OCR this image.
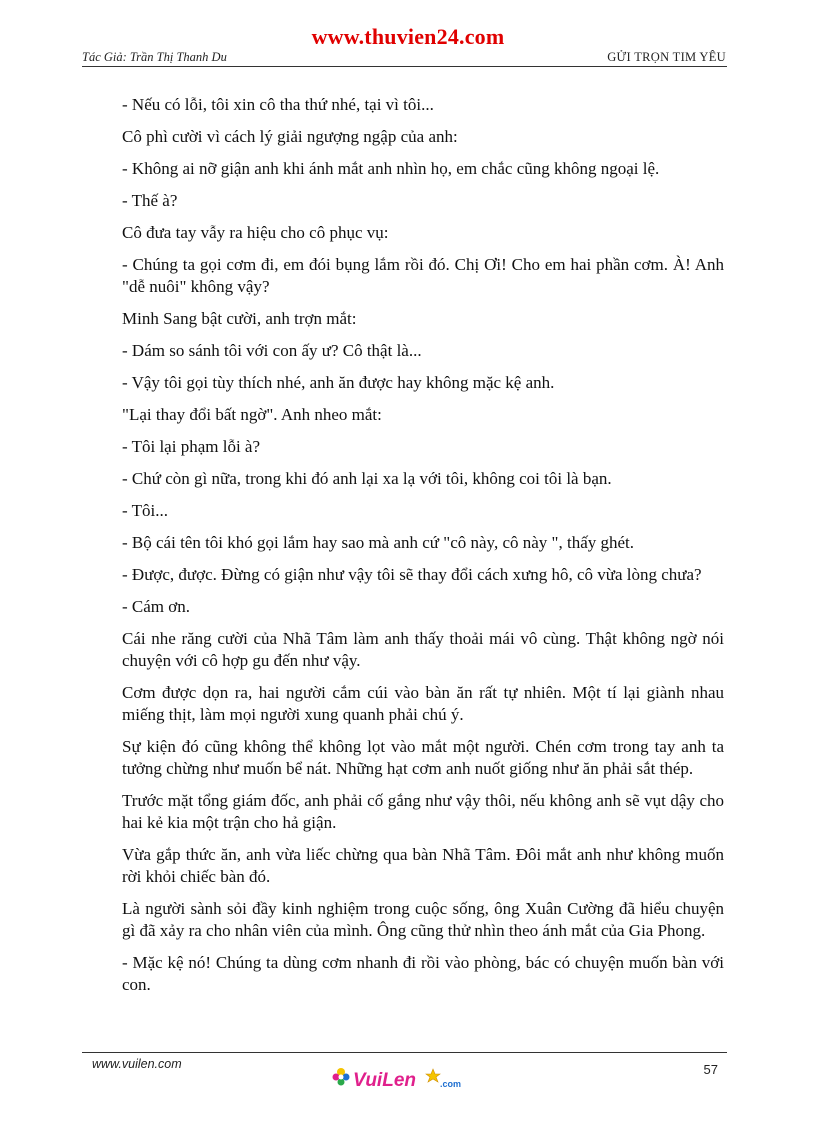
www.thuvien24.com
Tác Giả: Trần Thị Thanh Du	GỬI TRỌN TIM YÊU

- Nếu có lỗi, tôi xin cô tha thứ nhé, tại vì tôi...

Cô phì cười vì cách lý giải ngượng ngập của anh:

- Không ai nỡ giận anh khi ánh mắt anh nhìn họ, em chắc cũng không ngoại lệ.

- Thế à?

Cô đưa tay vẫy ra hiệu cho cô phục vụ:

- Chúng ta gọi cơm đi, em đói bụng lắm rồi đó. Chị Ơi! Cho em hai phần cơm. À! Anh "dễ nuôi" không vậy?

Minh Sang bật cười, anh trợn mắt:

- Dám so sánh tôi với con ấy ư? Cô thật là...

- Vậy tôi gọi tùy thích nhé, anh ăn được hay không mặc kệ anh.

"Lại thay đổi bất ngờ". Anh nheo mắt:

- Tôi lại phạm lỗi à?

- Chứ còn gì nữa, trong khi đó anh lại xa lạ với tôi, không coi tôi là bạn.

- Tôi...

- Bộ cái tên tôi khó gọi lắm hay sao mà anh cứ "cô này, cô này ", thấy ghét.

- Được, được. Đừng có giận như vậy tôi sẽ thay đổi cách xưng hô, cô vừa lòng chưa?

- Cám ơn.

Cái nhe răng cười của Nhã Tâm làm anh thấy thoải mái vô cùng. Thật không ngờ nói chuyện với cô hợp gu đến như vậy.

Cơm được dọn ra, hai người cắm cúi vào bàn ăn rất tự nhiên. Một tí lại giành nhau miếng thịt, làm mọi người xung quanh phải chú ý.

Sự kiện đó cũng không thể không lọt vào mắt một người. Chén cơm trong tay anh ta tưởng chừng như muốn bể nát. Những hạt cơm anh nuốt giống như ăn phải sắt thép.

Trước mặt tổng giám đốc, anh phải cố gắng như vậy thôi, nếu không anh sẽ vụt dậy cho hai kẻ kia một trận cho hả giận.

Vừa gắp thức ăn, anh vừa liếc chừng qua bàn Nhã Tâm. Đôi mắt anh như không muốn rời khỏi chiếc bàn đó.

Là người sành sỏi đầy kinh nghiệm trong cuộc sống, ông Xuân Cường đã hiểu chuyện gì đã xảy ra cho nhân viên của mình. Ông cũng thử nhìn theo ánh mắt của Gia Phong.

- Mặc kệ nó! Chúng ta dùng cơm nhanh đi rồi vào phòng, bác có chuyện muốn bàn với con.

www.vuilen.com	57
VuiLen	.com
